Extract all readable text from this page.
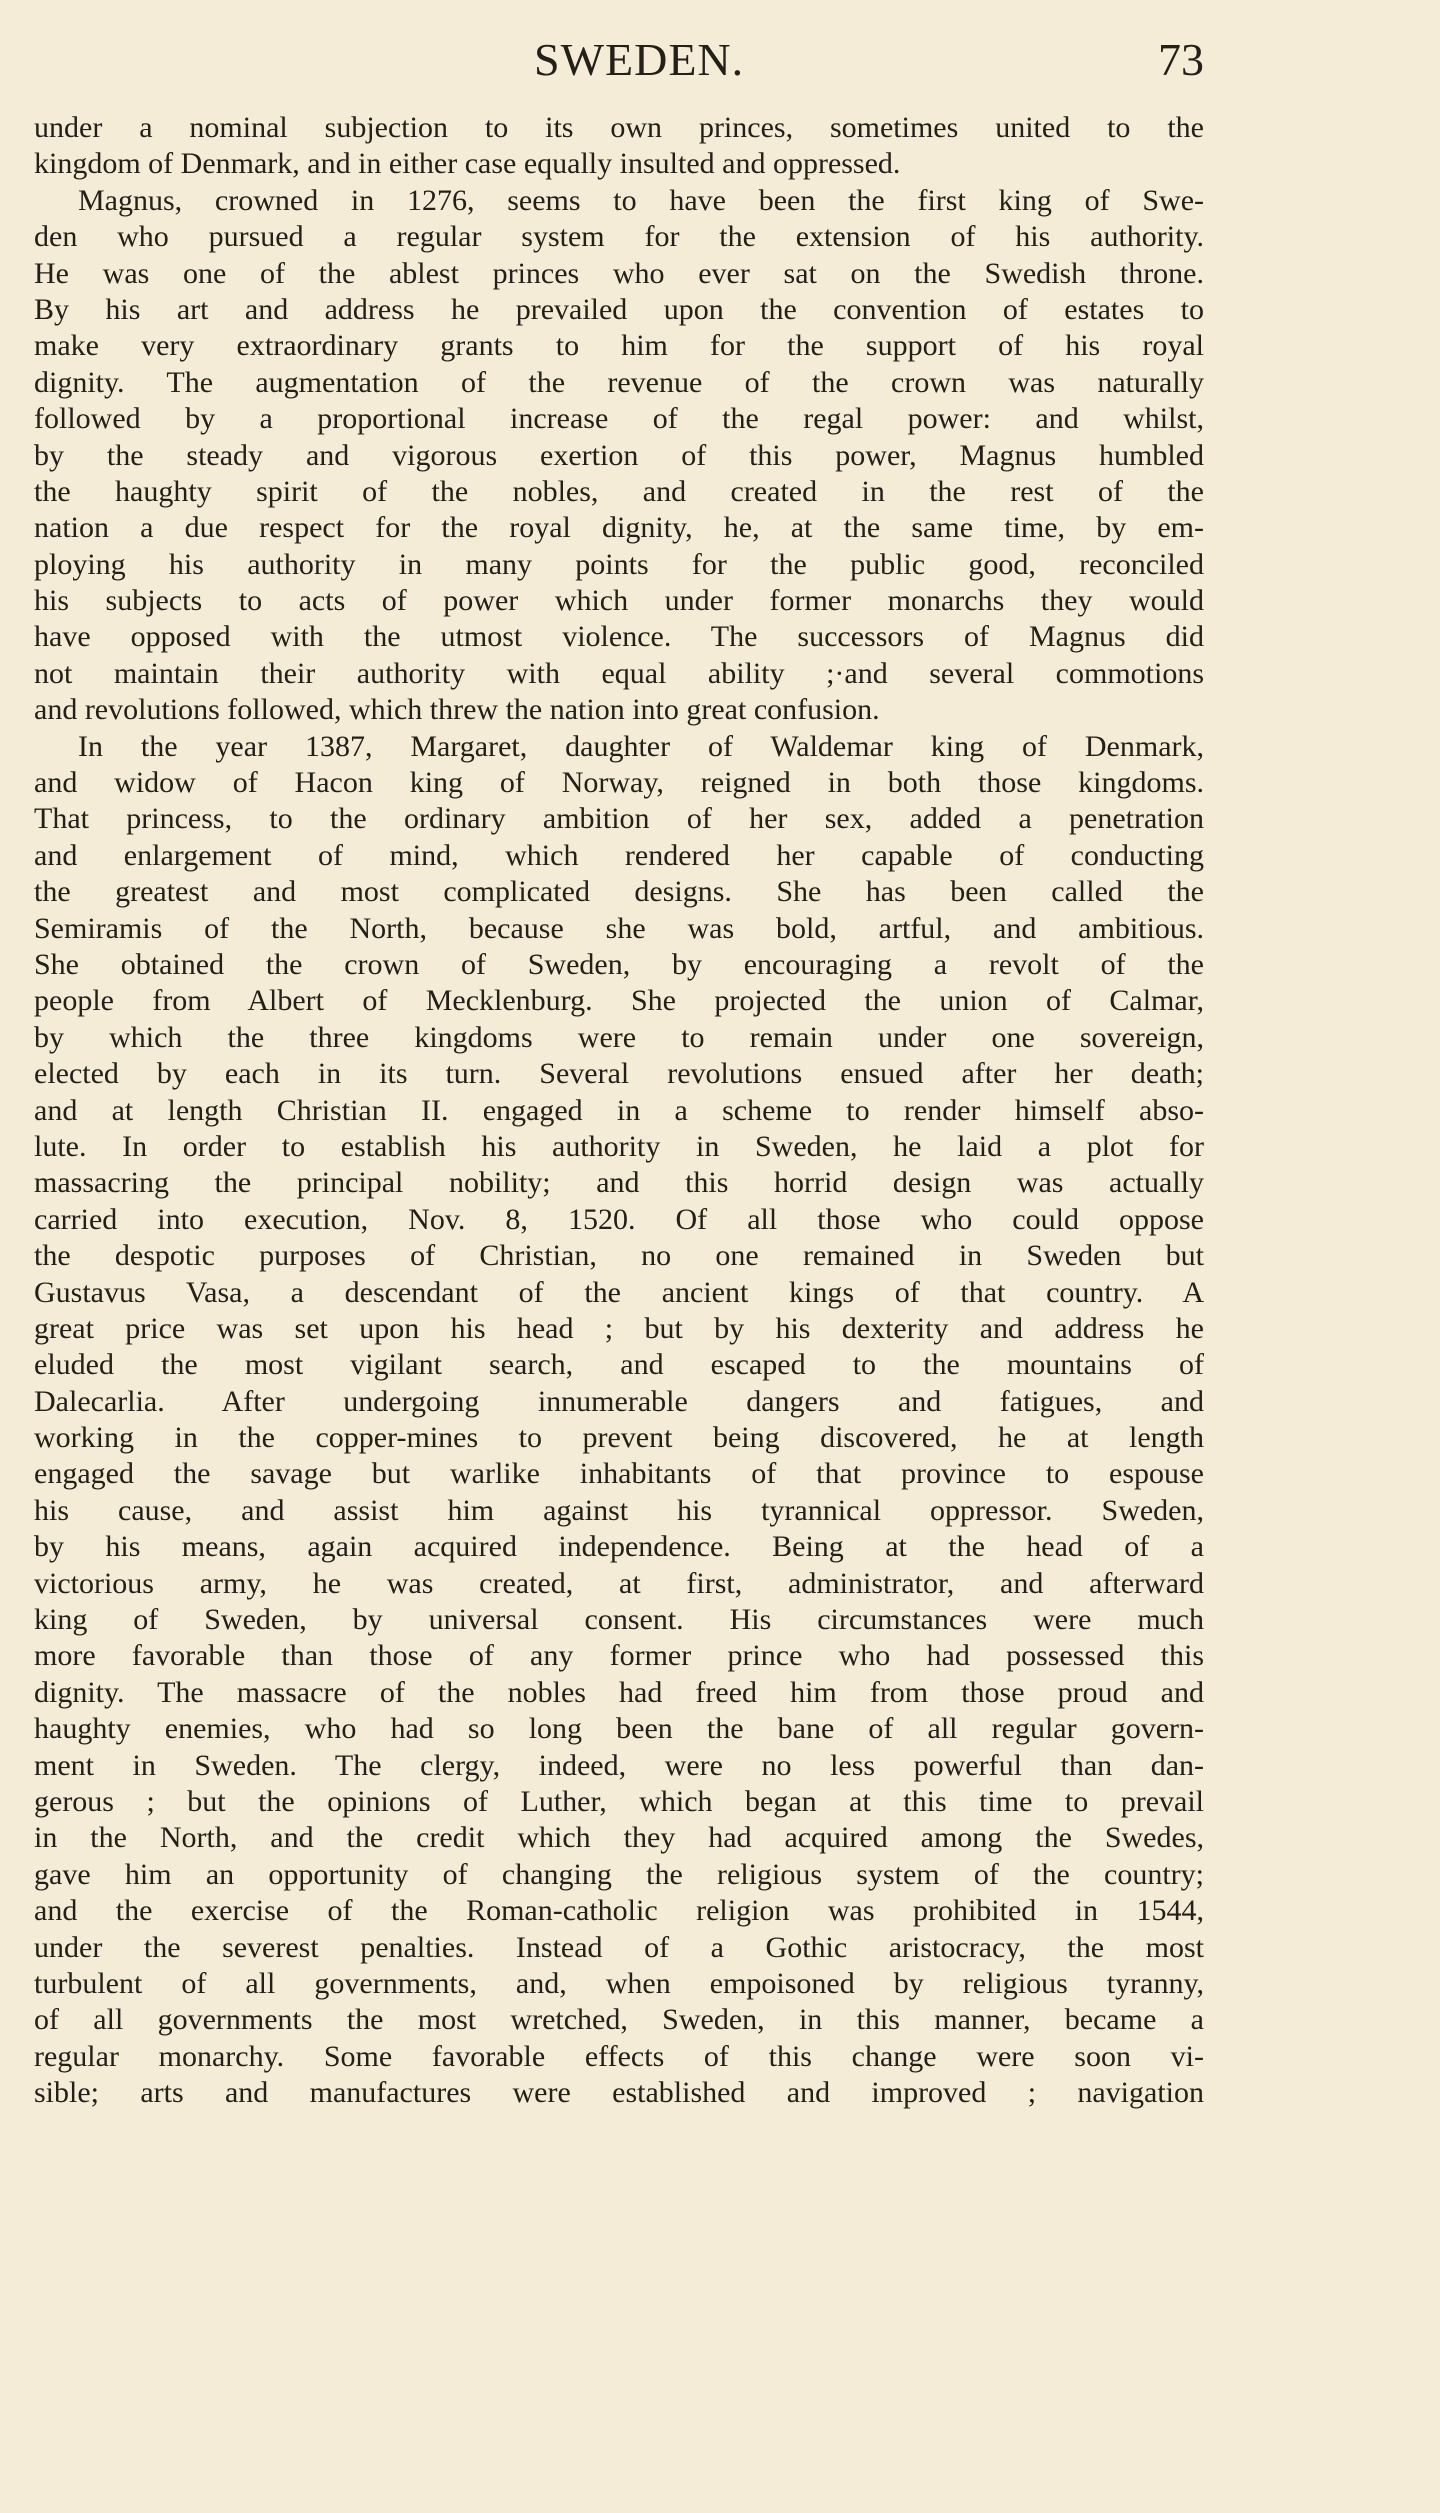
SWEDEN.	73
under a nominal subjection to its own princes, sometimes united to the
kingdom of Denmark, and in either case equally insulted and oppressed.
Magnus, crowned in 1276, seems to have been the first king of Swe-
den who pursued a regular system for the extension of his authority.
He was one of the ablest princes who ever sat on the Swedish throne.
By his art and address he prevailed upon the convention of estates to
make very extraordinary grants to him for the support of his royal
dignity. The augmentation of the revenue of the crown was naturally
followed by a proportional increase of the regal power: and whilst,
by the steady and vigorous exertion of this power, Magnus humbled
the haughty spirit of the nobles, and created in the rest of the
nation a due respect for the royal dignity, he, at the same time, by em-
ploying his authority in many points for the public good, reconciled
his subjects to acts of power which under former monarchs they would
have opposed with the utmost violence. The successors of Magnus did
not maintain their authority with equal ability ;·and several commotions
and revolutions followed, which threw the nation into great confusion.
In the year 1387, Margaret, daughter of Waldemar king of Denmark,
and widow of Hacon king of Norway, reigned in both those kingdoms.
That princess, to the ordinary ambition of her sex, added a penetration
and enlargement of mind, which rendered her capable of conducting
the greatest and most complicated designs. She has been called the
Semiramis of the North, because she was bold, artful, and ambitious.
She obtained the crown of Sweden, by encouraging a revolt of the
people from Albert of Mecklenburg. She projected the union of Calmar,
by which the three kingdoms were to remain under one sovereign,
elected by each in its turn. Several revolutions ensued after her death;
and at length Christian II. engaged in a scheme to render himself abso-
lute. In order to establish his authority in Sweden, he laid a plot for
massacring the principal nobility; and this horrid design was actually
carried into execution, Nov. 8, 1520. Of all those who could oppose
the despotic purposes of Christian, no one remained in Sweden but
Gustavus Vasa, a descendant of the ancient kings of that country. A
great price was set upon his head ; but by his dexterity and address he
eluded the most vigilant search, and escaped to the mountains of
Dalecarlia. After undergoing innumerable dangers and fatigues, and
working in the copper-mines to prevent being discovered, he at length
engaged the savage but warlike inhabitants of that province to espouse
his cause, and assist him against his tyrannical oppressor. Sweden,
by his means, again acquired independence. Being at the head of a
victorious army, he was created, at first, administrator, and afterward
king of Sweden, by universal consent. His circumstances were much
more favorable than those of any former prince who had possessed this
dignity. The massacre of the nobles had freed him from those proud and
haughty enemies, who had so long been the bane of all regular govern-
ment in Sweden. The clergy, indeed, were no less powerful than dan-
gerous ; but the opinions of Luther, which began at this time to prevail
in the North, and the credit which they had acquired among the Swedes,
gave him an opportunity of changing the religious system of the country;
and the exercise of the Roman-catholic religion was prohibited in 1544,
under the severest penalties. Instead of a Gothic aristocracy, the most
turbulent of all governments, and, when empoisoned by religious tyranny,
of all governments the most wretched, Sweden, in this manner, became a
regular monarchy. Some favorable effects of this change were soon vi-
sible; arts and manufactures were established and improved ; navigation
